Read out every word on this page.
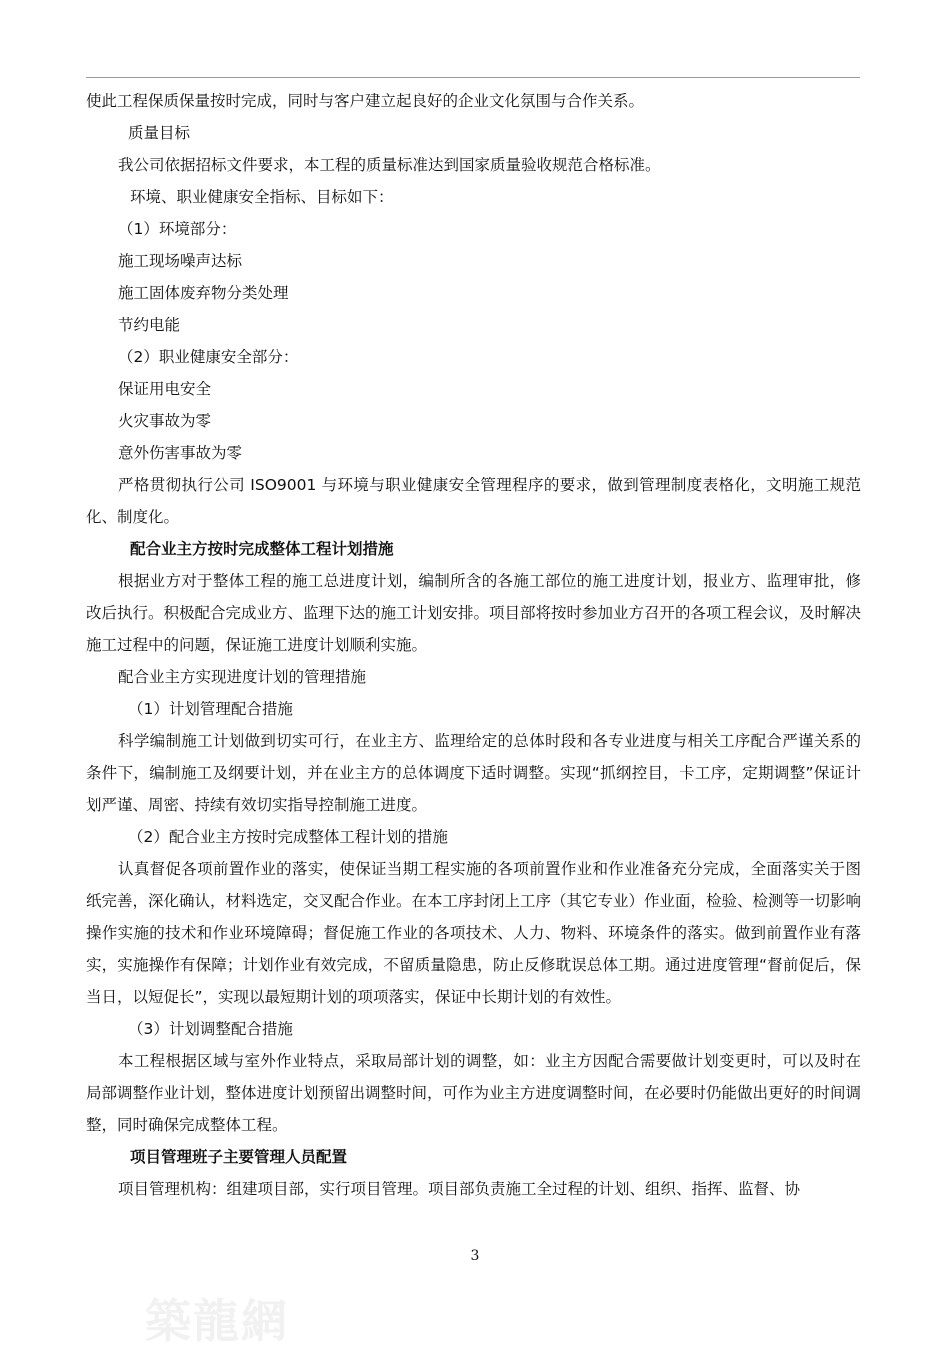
使此工程保质保量按时完成，同时与客户建立起良好的企业文化氛围与合作关系。

质量目标

我公司依据招标文件要求，本工程的质量标准达到国家质量验收规范合格标准。

环境、职业健康安全指标、目标如下：

（1）环境部分：

施工现场噪声达标

施工固体废弃物分类处理

节约电能

（2）职业健康安全部分：

保证用电安全

火灾事故为零

意外伤害事故为零

严格贯彻执行公司 ISO9001 与环境与职业健康安全管理程序的要求，做到管理制度表格化，文明施工规范化、制度化。

配合业主方按时完成整体工程计划措施

根据业方对于整体工程的施工总进度计划，编制所含的各施工部位的施工进度计划，报业方、监理审批，修改后执行。积极配合完成业方、监理下达的施工计划安排。项目部将按时参加业方召开的各项工程会议，及时解决施工过程中的问题，保证施工进度计划顺利实施。

配合业主方实现进度计划的管理措施

（1）计划管理配合措施

科学编制施工计划做到切实可行，在业主方、监理给定的总体时段和各专业进度与相关工序配合严谨关系的条件下，编制施工及纲要计划，并在业主方的总体调度下适时调整。实现“抓纲控目，卡工序，定期调整”保证计划严谨、周密、持续有效切实指导控制施工进度。

（2）配合业主方按时完成整体工程计划的措施

认真督促各项前置作业的落实，使保证当期工程实施的各项前置作业和作业准备充分完成，全面落实关于图纸完善，深化确认，材料选定，交叉配合作业。在本工序封闭上工序（其它专业）作业面，检验、检测等一切影响操作实施的技术和作业环境障碍；督促施工作业的各项技术、人力、物料、环境条件的落实。做到前置作业有落实，实施操作有保障；计划作业有效完成，不留质量隐患，防止反修耽误总体工期。通过进度管理“督前促后，保当日，以短促长”，实现以最短期计划的项项落实，保证中长期计划的有效性。

（3）计划调整配合措施

本工程根据区域与室外作业特点，采取局部计划的调整，如：业主方因配合需要做计划变更时，可以及时在局部调整作业计划，整体进度计划预留出调整时间，可作为业主方进度调整时间，在必要时仍能做出更好的时间调整，同时确保完成整体工程。

项目管理班子主要管理人员配置

项目管理机构：组建项目部，实行项目管理。项目部负责施工全过程的计划、组织、指挥、监督、协

3
築龍網
